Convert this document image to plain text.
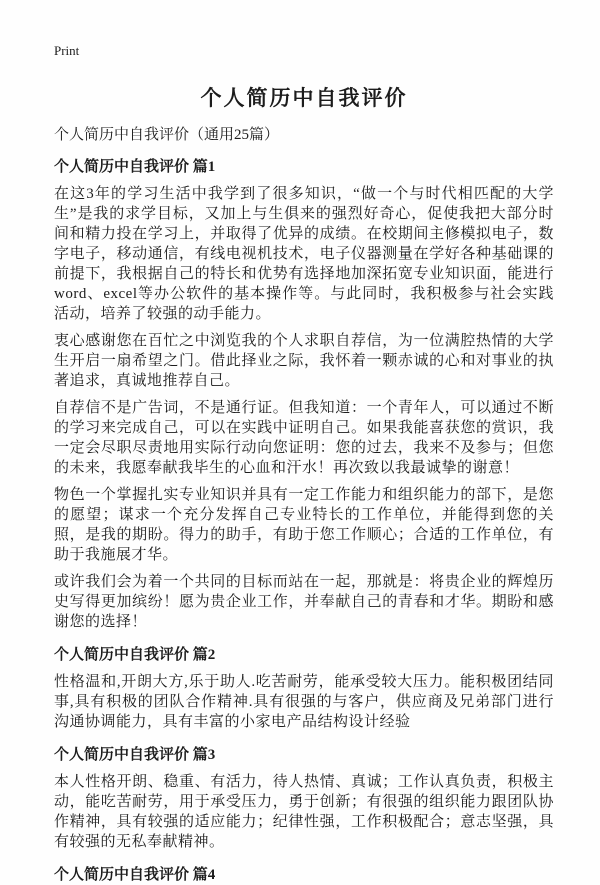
Print
个人简历中自我评价

个人简历中自我评价（通用25篇）

个人简历中自我评价 篇1

在这3年的学习生活中我学到了很多知识，“做一个与时代相匹配的大学生”是我的求学目标，又加上与生俱来的强烈好奇心，促使我把大部分时间和精力投在学习上，并取得了优异的成绩。在校期间主修模拟电子，数字电子，移动通信，有线电视机技术，电子仪器测量在学好各种基础课的前提下，我根据自己的特长和优势有选择地加深拓宽专业知识面，能进行word、excel等办公软件的基本操作等。与此同时，我积极参与社会实践活动，培养了较强的动手能力。

衷心感谢您在百忙之中浏览我的个人求职自荐信，为一位满腔热情的大学生开启一扇希望之门。借此择业之际，我怀着一颗赤诚的心和对事业的执著追求，真诚地推荐自己。

自荐信不是广告词，不是通行证。但我知道：一个青年人，可以通过不断的学习来完成自己，可以在实践中证明自己。如果我能喜获您的赏识，我一定会尽职尽责地用实际行动向您证明：您的过去，我来不及参与；但您的未来，我愿奉献我毕生的心血和汗水！再次致以我最诚挚的谢意！

物色一个掌握扎实专业知识并具有一定工作能力和组织能力的部下，是您的愿望；谋求一个充分发挥自己专业特长的工作单位，并能得到您的关照，是我的期盼。得力的助手，有助于您工作顺心；合适的工作单位，有助于我施展才华。

或许我们会为着一个共同的目标而站在一起，那就是：将贵企业的辉煌历史写得更加缤纷！愿为贵企业工作，并奉献自己的青春和才华。期盼和感谢您的选择！

个人简历中自我评价 篇2

性格温和,开朗大方,乐于助人.吃苦耐劳，能承受较大压力。能积极团结同事,具有积极的团队合作精神.具有很强的与客户，供应商及兄弟部门进行沟通协调能力，具有丰富的小家电产品结构设计经验

个人简历中自我评价 篇3

本人性格开朗、稳重、有活力，待人热情、真诚；工作认真负责，积极主动，能吃苦耐劳，用于承受压力，勇于创新；有很强的组织能力跟团队协作精神，具有较强的适应能力；纪律性强，工作积极配合；意志坚强，具有较强的无私奉献精神。

个人简历中自我评价 篇4
